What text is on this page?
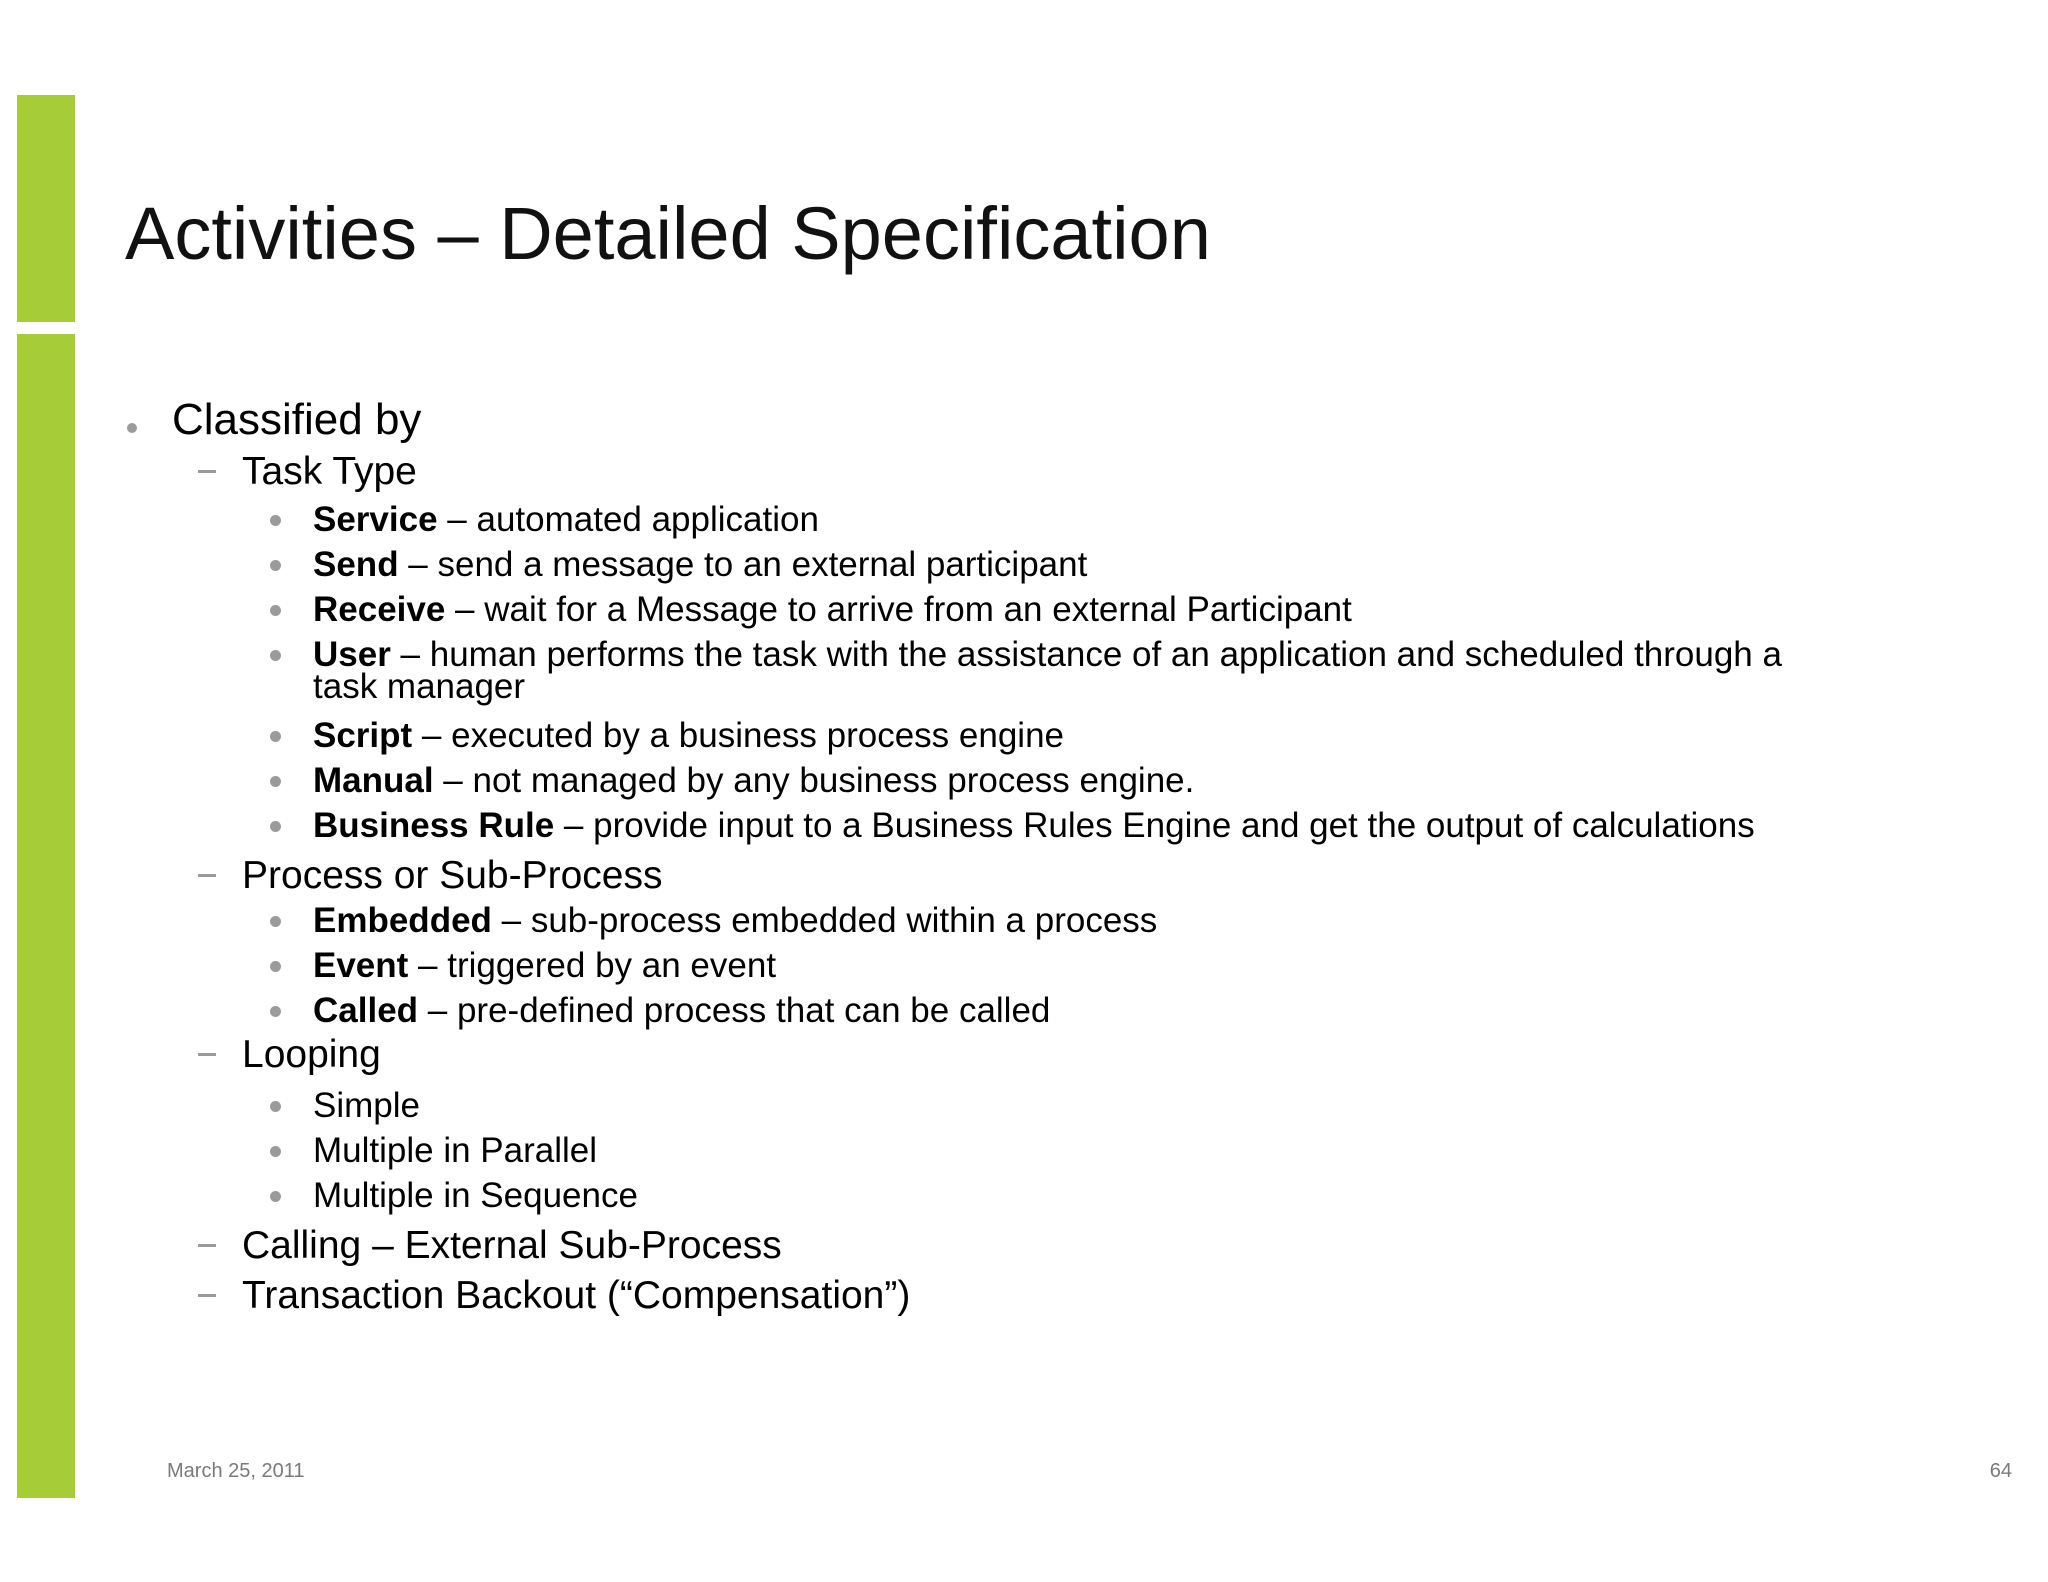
Activities – Detailed Specification
Classified by
Task Type
Service – automated application
Send – send a message to an external participant
Receive – wait for a Message to arrive from an external Participant
User – human performs the task with the assistance of an application and scheduled through a
task manager
Script – executed by a business process engine
Manual – not managed by any business process engine.
Business Rule – provide input to a Business Rules Engine and get the output of calculations
Process or Sub-Process
Embedded – sub-process embedded within a process
Event – triggered by an event
Called – pre-defined process that can be called
Looping
Simple
Multiple in Parallel
Multiple in Sequence
Calling – External Sub-Process
Transaction Backout (“Compensation”)
March 25, 2011	64
